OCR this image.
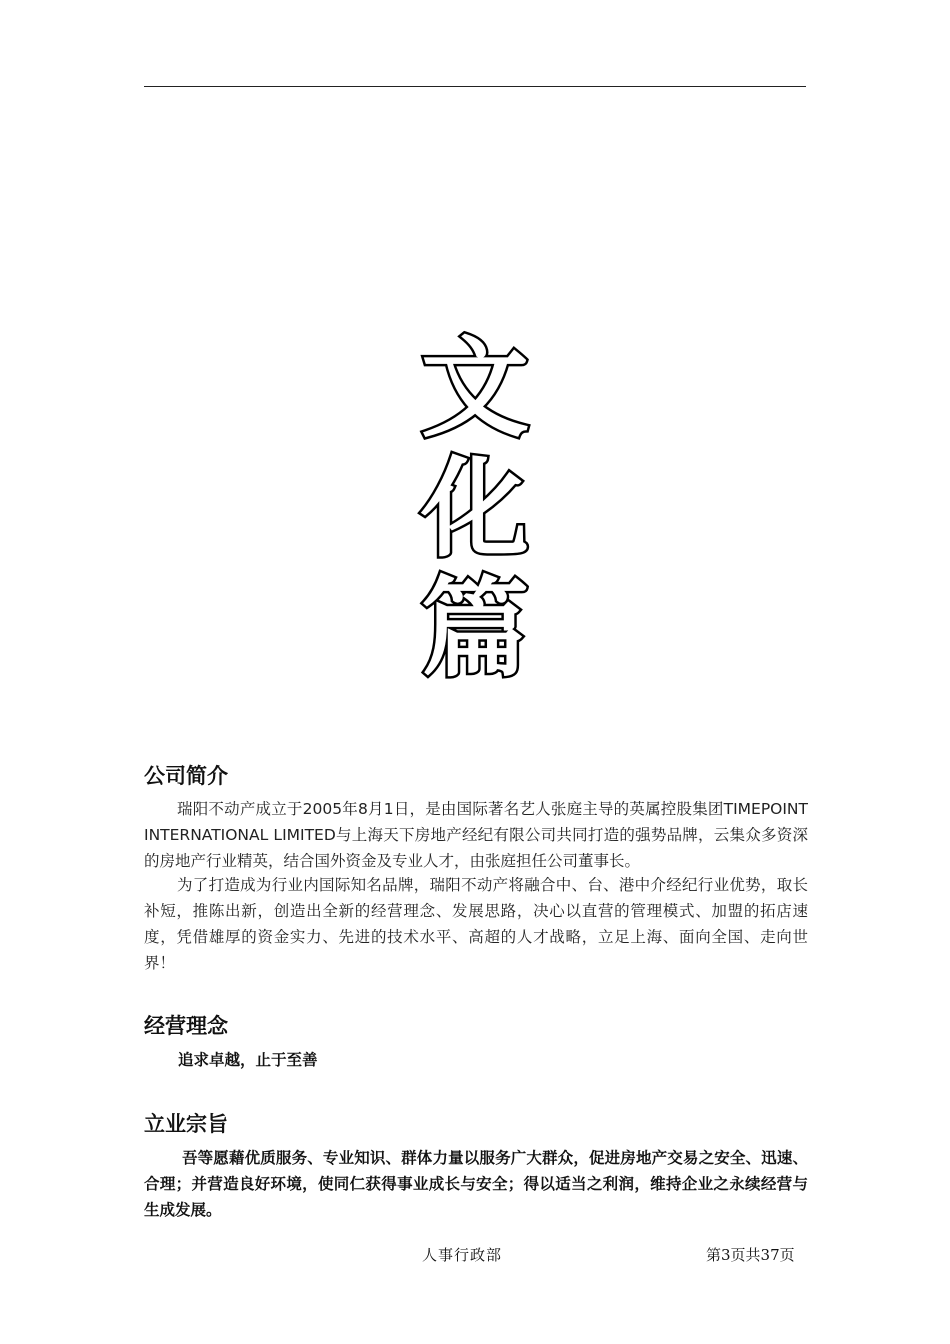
文
化
篇
公司简介

瑞阳不动产成立于2005年8月1日，是由国际著名艺人张庭主导的英属控股集团TIMEPOINT INTERNATIONAL LIMITED与上海天下房地产经纪有限公司共同打造的强势品牌，云集众多资深的房地产行业精英，结合国外资金及专业人才，由张庭担任公司董事长。

为了打造成为行业内国际知名品牌，瑞阳不动产将融合中、台、港中介经纪行业优势，取长补短，推陈出新，创造出全新的经营理念、发展思路，决心以直营的管理模式、加盟的拓店速度，凭借雄厚的资金实力、先进的技术水平、高超的人才战略，立足上海、面向全国、走向世界！

经营理念

追求卓越，止于至善

立业宗旨

吾等愿藉优质服务、专业知识、群体力量以服务广大群众，促进房地产交易之安全、迅速、合理；并营造良好环境，使同仁获得事业成长与安全；得以适当之利润，维持企业之永续经营与生成发展。

人事行政部	第3页共37页
